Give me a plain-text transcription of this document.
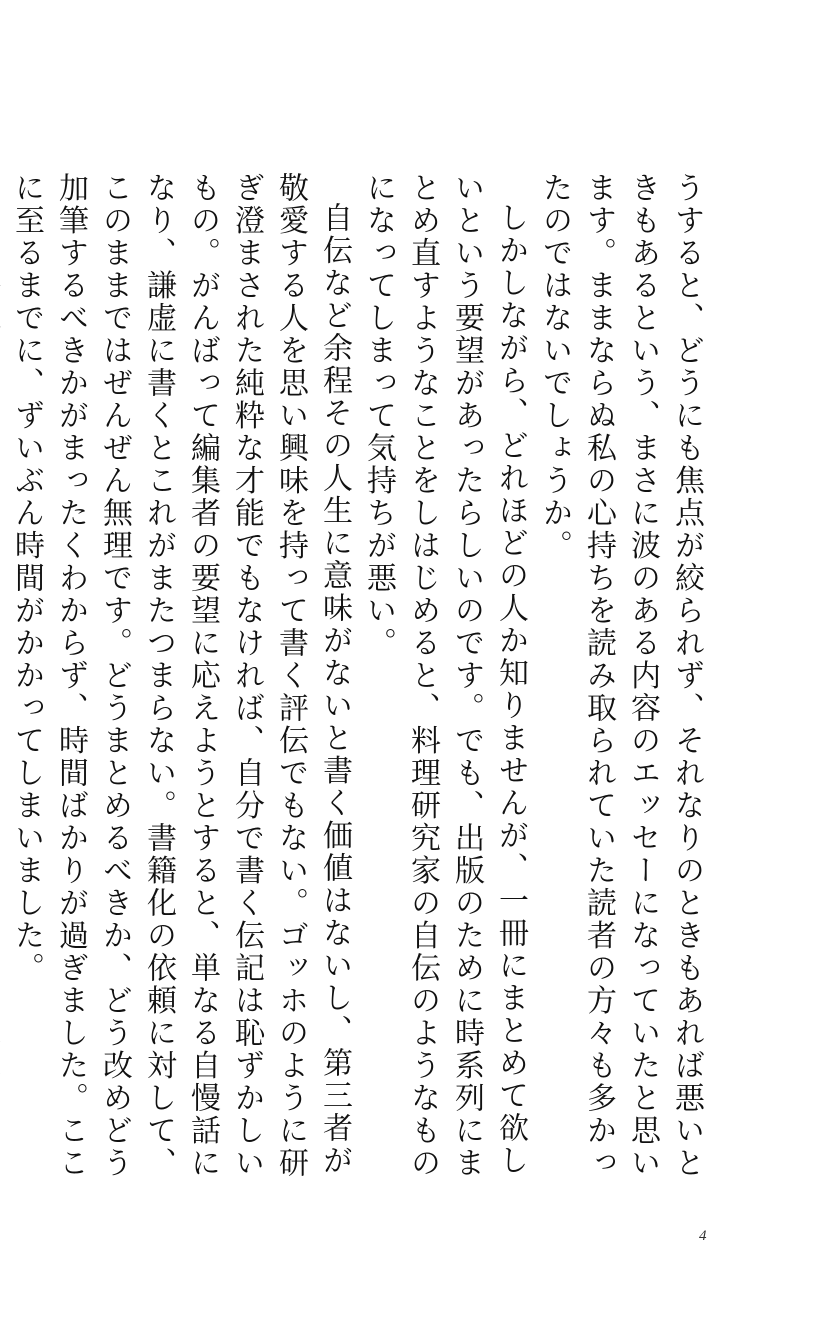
うすると、どうにも焦点が絞られず、それなりのときもあれば悪いときもあるという、まさに波のある内容のエッセーになっていたと思います。ままならぬ私の心持ちを読み取られていた読者の方々も多かったのではないでしょうか。

しかしながら、どれほどの人か知りませんが、一冊にまとめて欲しいという要望があったらしいのです。でも、出版のために時系列にまとめ直すようなことをしはじめると、料理研究家の自伝のようなものになってしまって気持ちが悪い。

自伝など余程その人生に意味がないと書く価値はないし、第三者が敬愛する人を思い興味を持って書く評伝でもない。ゴッホのように研ぎ澄まされた純粋な才能でもなければ、自分で書く伝記は恥ずかしいもの。がんばって編集者の要望に応えようとすると、単なる自慢話になり、謙虚に書くとこれがまたつまらない。書籍化の依頼に対して、このままではぜんぜん無理です。どうまとめるべきか、どう改めどう加筆するべきかがまったくわからず、時間ばかりが過ぎました。ここに至るまでに、ずいぶん時間がかかってしまいました。

4
